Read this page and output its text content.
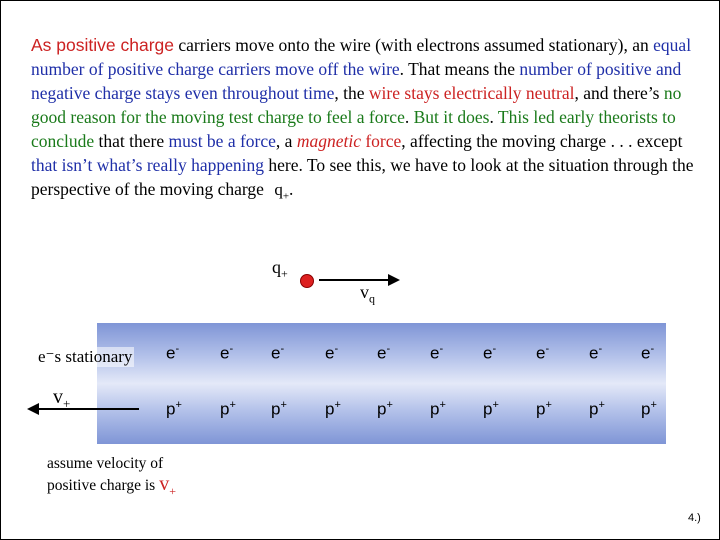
As positive charge carriers move onto the wire (with electrons assumed stationary), an equal number of positive charge carriers move off the wire. That means the number of positive and negative charge stays even throughout time, the wire stays electrically neutral, and there’s no good reason for the moving test charge to feel a force. But it does. This led early theorists to conclude that there must be a force, a magnetic force, affecting the moving charge . . . except that isn’t what’s really happening here. To see this, we have to look at the situation through the perspective of the moving charge $q_+$.
$q_+$
$v_q$
e⁻s stationary
$v_+$
e- e- e- e- e- e- e- e- e- e-
p+ p+ p+ p+ p+ p+ p+ p+ p+ p+
assume velocity of
positive charge is $v_+$
4.)
